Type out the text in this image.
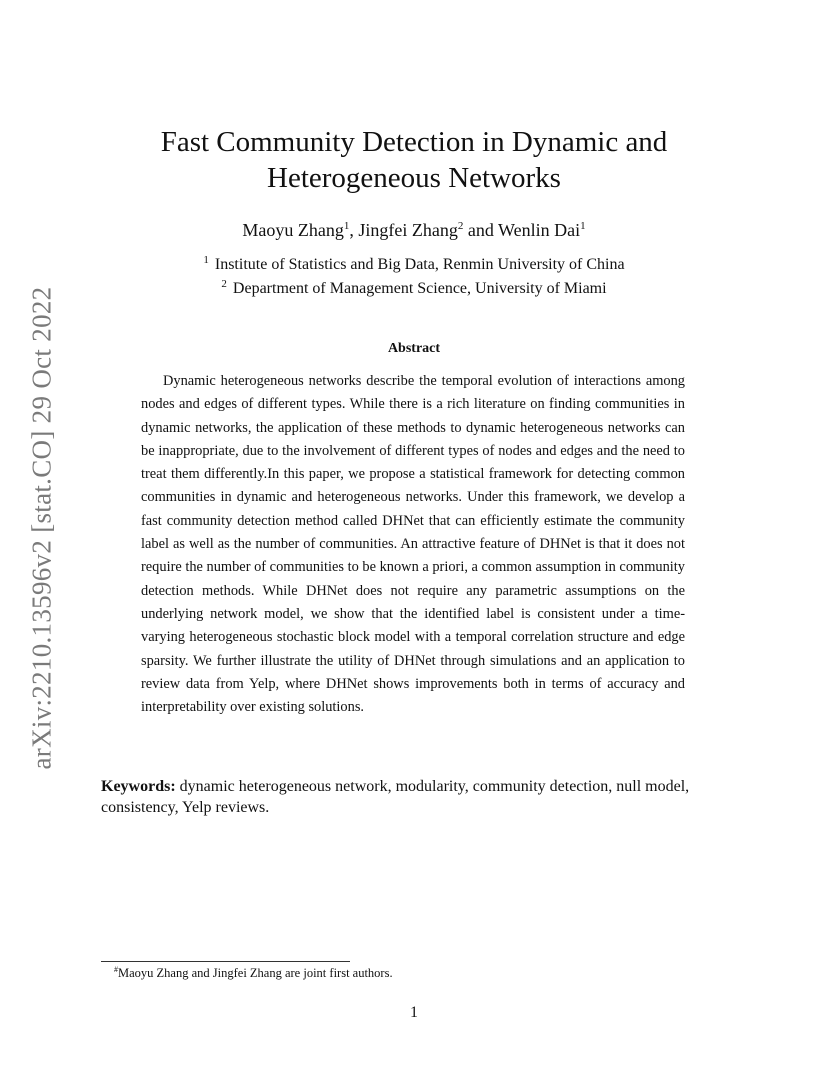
arXiv:2210.13596v2 [stat.CO] 29 Oct 2022
Fast Community Detection in Dynamic and
Heterogeneous Networks
Maoyu Zhang$^1$, Jingfei Zhang$^2$ and Wenlin Dai$^1$
$^1$ Institute of Statistics and Big Data, Renmin University of China
$^2$ Department of Management Science, University of Miami
Abstract
Dynamic heterogeneous networks describe the temporal evolution of interactions among nodes and edges of different types. While there is a rich literature on finding communities in dynamic networks, the application of these methods to dynamic heterogeneous networks can be inappropriate, due to the involvement of different types of nodes and edges and the need to treat them differently.In this paper, we propose a statistical framework for detecting common communities in dynamic and heterogeneous networks. Under this framework, we develop a fast community detection method called DHNet that can efficiently estimate the community label as well as the number of communities. An attractive feature of DHNet is that it does not require the number of communities to be known a priori, a common assumption in community detection methods. While DHNet does not require any parametric assumptions on the underlying network model, we show that the identified label is consistent under a time-varying heterogeneous stochastic block model with a temporal correlation structure and edge sparsity. We further illustrate the utility of DHNet through simulations and an application to review data from Yelp, where DHNet shows improvements both in terms of accuracy and interpretability over existing solutions.
Keywords: dynamic heterogeneous network, modularity, community detection, null model, consistency, Yelp reviews.
#Maoyu Zhang and Jingfei Zhang are joint first authors.
1
